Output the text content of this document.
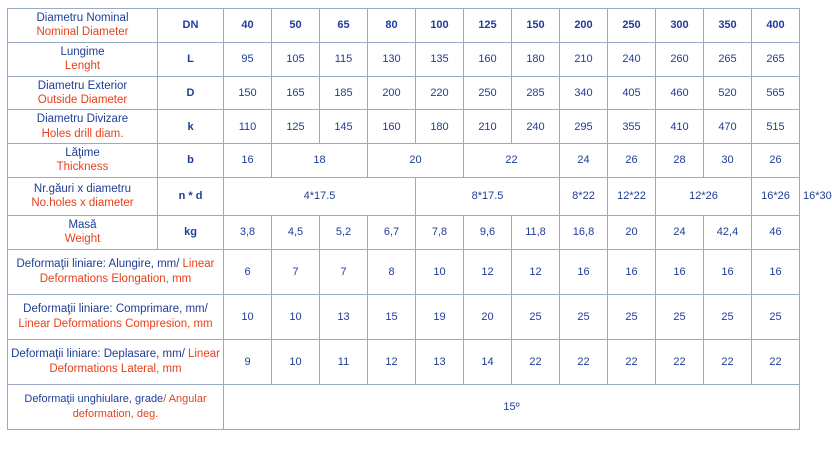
Diametru Nominal
Nominal Diameter	DN	40	50	65	80	100	125	150	200	250	300	350	400	

Lungime
Lenght	L	95	105	115	130	135	160	180	210	240	260	265	265	

Diametru Exterior
Outside Diameter	D	150	165	185	200	220	250	285	340	405	460	520	565	

Diametru Divizare
Holes drill diam.	k	110	125	145	160	180	210	240	295	355	410	470	515	

Lăţime
Thickness	b	16	18		20		22		24	26	28	30	26	

Nr.găuri x diametru
No.holes x diameter	n * d	4*17.5				8*17.5			8*22	12*22	12*26		16*26	16*30

Masă
Weight	kg	3,8	4,5	5,2	6,7	7,8	9,6	11,8	16,8	20	24	42,4	46	
Deformaţii liniare: Alungire, mm/ Linear Deformations Elongation, mm		6	7	7	8	10	12	12	16	16	16	16	16	
Deformaţii liniare: Comprimare, mm/ Linear Deformations Compresion, mm		10	10	13	15	19	20	25	25	25	25	25	25	
Deformaţii liniare: Deplasare, mm/ Linear Deformations Lateral, mm		9	10	11	12	13	14	22	22	22	22	22	22	
Deformaţii unghiulare, grade/ Angular deformation, deg.		15º												
